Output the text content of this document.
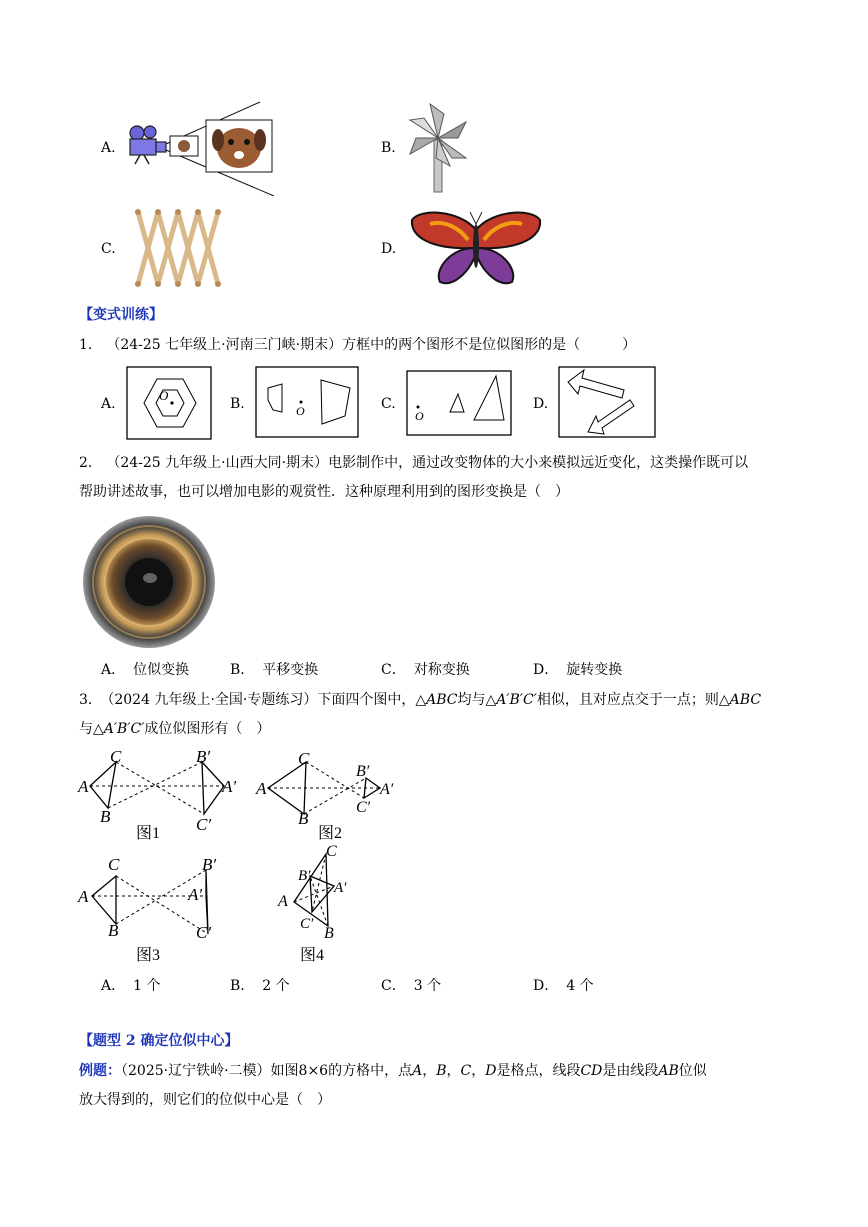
A.	B.
C.	D.
【变式训练】
1. （24-25 七年级上·河南三门峡·期末）方框中的两个图形不是位似图形的是（　　　）
A.
O
B.	O	C.
O
D.
2. （24-25 九年级上·山西大同·期末）电影制作中，通过改变物体的大小来模拟远近变化，这类操作既可以
帮助讲述故事，也可以增加电影的观赏性．这种原理利用到的图形变换是（　）
A． 位似变换	B． 平移变换	C． 对称变换	D． 旋转变换
3. （2024 九年级上·全国·专题练习）下面四个图中，△ABC均与△A′B′C′相似，且对应点交于一点；则△ABC
与△A′B′C′成位似图形有（　）
A
C
B
B′
A′
C′
图1
A
C
B
B′
A′
C′
图2
A
C
B
B′
A′
C′
图3
C
B′
A′
A
C′
B
图4
A． 1 个	B． 2 个	C． 3 个	D． 4 个
【题型 2 确定位似中心】
例题：（2025·辽宁铁岭·二模）如图8×6的方格中，点A，B，C，D是格点，线段CD是由线段AB位似
放大得到的，则它们的位似中心是（　）
